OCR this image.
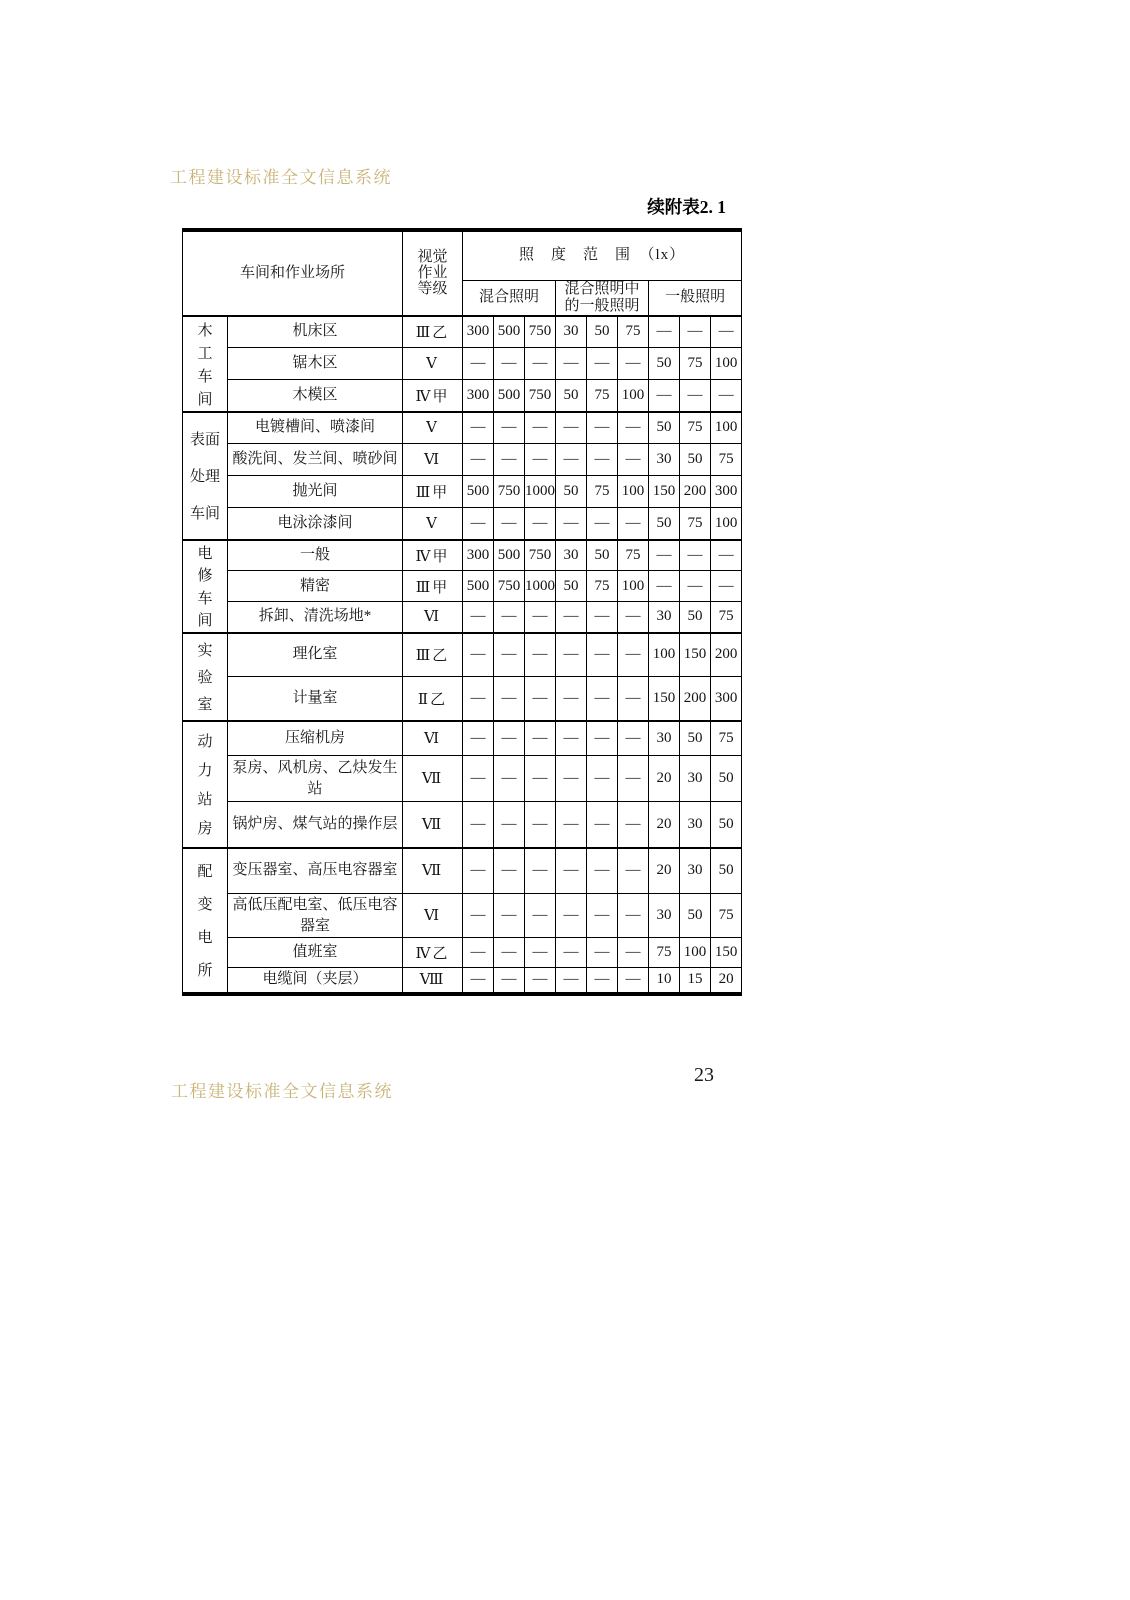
工程建设标准全文信息系统
续附表2. 1
车间和作业场所		视觉
作业
等级	照　度　范　围　（lx）								
			混合照明			混合照明中
的一般照明			一般照明		

木
工
车
间	机床区	Ⅲ乙	300	500	750	30	50	75	—	—	—
	锯木区	Ⅴ	—	—	—	—	—	—	50	75	100
	木模区	Ⅳ甲	300	500	750	50	75	100	—	—	—

表面
处理
车间	电镀槽间、喷漆间	Ⅴ	—	—	—	—	—	—	50	75	100
	酸洗间、发兰间、喷砂间	Ⅵ	—	—	—	—	—	—	30	50	75
	抛光间	Ⅲ甲	500	750	1000	50	75	100	150	200	300
	电泳涂漆间	Ⅴ	—	—	—	—	—	—	50	75	100

电
修
车
间	一般	Ⅳ甲	300	500	750	30	50	75	—	—	—
	精密	Ⅲ甲	500	750	1000	50	75	100	—	—	—
	拆卸、清洗场地*	Ⅵ	—	—	—	—	—	—	30	50	75

实
验
室	理化室	Ⅲ乙	—	—	—	—	—	—	100	150	200
	计量室	Ⅱ乙	—	—	—	—	—	—	150	200	300

动
力
站
房	压缩机房	Ⅵ	—	—	—	—	—	—	30	50	75
	泵房、风机房、乙炔发生站	Ⅶ	—	—	—	—	—	—	20	30	50
	锅炉房、煤气站的操作层	Ⅶ	—	—	—	—	—	—	20	30	50

配
变
电
所	变压器室、高压电容器室	Ⅶ	—	—	—	—	—	—	20	30	50
	高低压配电室、低压电容器室	Ⅵ	—	—	—	—	—	—	30	50	75
	值班室	Ⅳ乙	—	—	—	—	—	—	75	100	150
	电缆间（夹层）	Ⅷ	—	—	—	—	—	—	10	15	20
工程建设标准全文信息系统
23
